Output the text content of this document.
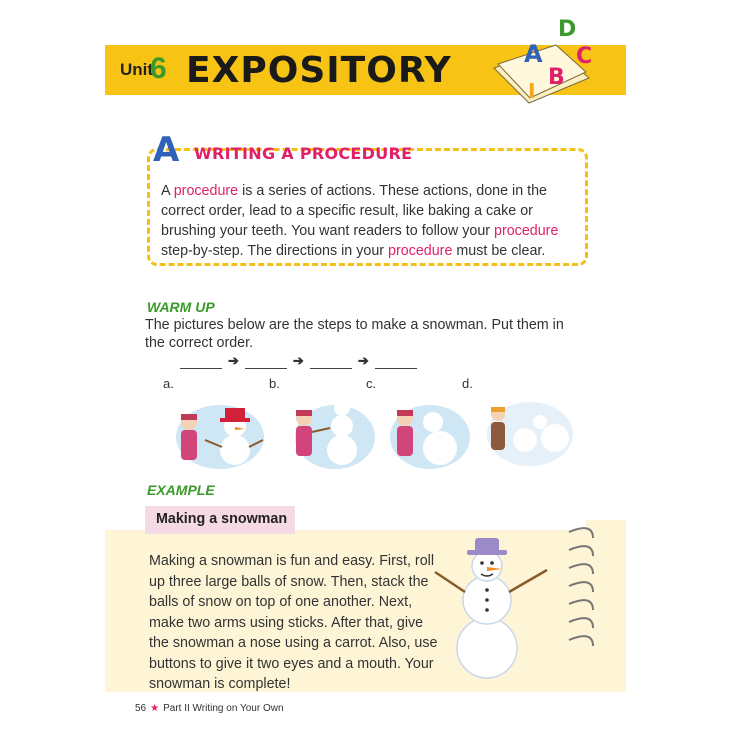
Unit
6 EXPOSITORY
D
A C
B
I
A WRITING A PROCEDURE
A procedure is a series of actions. These actions, done in the correct order, lead to a specific result, like baking a cake or brushing your teeth. You want readers to follow your procedure step-by-step. The directions in your procedure must be clear.
WARM UP
The pictures below are the steps to make a snowman. Put them in the correct order.
➔	➔	➔
a.	b.	c.	d.
EXAMPLE
Making a snowman
Making a snowman is fun and easy. First, roll up three large balls of snow. Then, stack the balls of snow on top of one another. Next, make two arms using sticks. After that, give the snowman a nose using a carrot. Also, use buttons to give it two eyes and a mouth. Your snowman is complete!
56 ★ Part II Writing on Your Own
